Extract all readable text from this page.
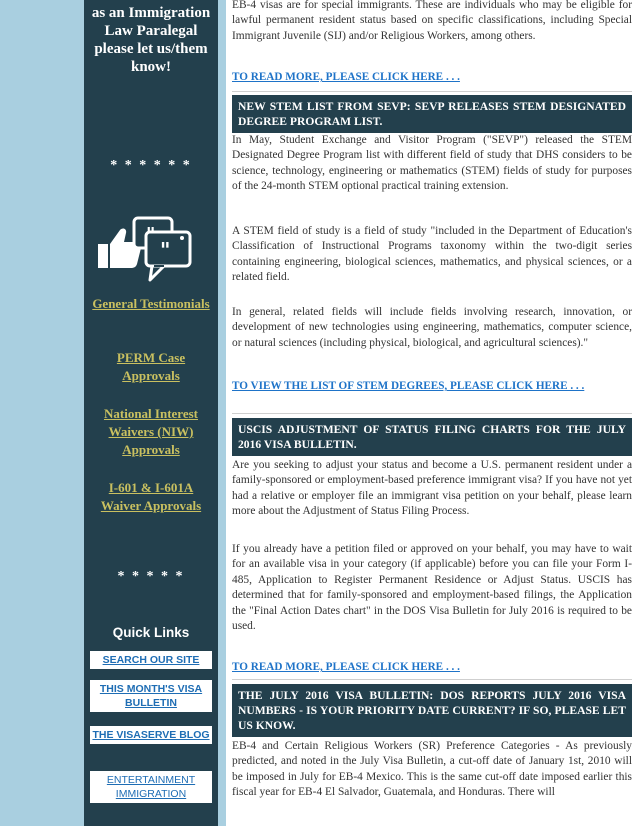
as an Immigration Law Paralegal please let us/them know!
* * * * * *
"
General Testimonials
PERM Case Approvals
National Interest Waivers (NIW) Approvals
I-601 & I-601A Waiver Approvals
* * * * *
Quick Links
SEARCH OUR SITE
THIS MONTH'S VISA BULLETIN
THE VISASERVE BLOG
ENTERTAINMENT IMMIGRATION

EB-4 visas are for special immigrants. These are individuals who may be eligible for lawful permanent resident status based on specific classifications, including Special Immigrant Juvenile (SIJ) and/or Religious Workers, among others.

TO READ MORE, PLEASE CLICK HERE . . .
NEW STEM LIST FROM SEVP: SEVP RELEASES STEM DESIGNATED DEGREE PROGRAM LIST.

In May, Student Exchange and Visitor Program ("SEVP") released the STEM Designated Degree Program list with different field of study that DHS considers to be science, technology, engineering or mathematics (STEM) fields of study for purposes of the 24-month STEM optional practical training extension.

A STEM field of study is a field of study "included in the Department of Education's Classification of Instructional Programs taxonomy within the two-digit series containing engineering, biological sciences, mathematics, and physical sciences, or a related field.

In general, related fields will include fields involving research, innovation, or development of new technologies using engineering, mathematics, computer science, or natural sciences (including physical, biological, and agricultural sciences)."

TO VIEW THE LIST OF STEM DEGREES, PLEASE CLICK HERE . . .
USCIS ADJUSTMENT OF STATUS FILING CHARTS FOR THE JULY 2016 VISA BULLETIN.

Are you seeking to adjust your status and become a U.S. permanent resident under a family-sponsored or employment-based preference immigrant visa? If you have not yet had a relative or employer file an immigrant visa petition on your behalf, please learn more about the Adjustment of Status Filing Process.

If you already have a petition filed or approved on your behalf, you may have to wait for an available visa in your category (if applicable) before you can file your Form I-485, Application to Register Permanent Residence or Adjust Status. USCIS has determined that for family-sponsored and employment-based filings, the Application the "Final Action Dates chart" in the DOS Visa Bulletin for July 2016 is required to be used.

TO READ MORE, PLEASE CLICK HERE . . .
THE JULY 2016 VISA BULLETIN: DOS REPORTS JULY 2016 VISA NUMBERS - IS YOUR PRIORITY DATE CURRENT? IF SO, PLEASE LET US KNOW.

EB-4 and Certain Religious Workers (SR) Preference Categories - As previously predicted, and noted in the July Visa Bulletin, a cut-off date of January 1st, 2010 will be imposed in July for EB-4 Mexico. This is the same cut-off date imposed earlier this fiscal year for EB-4 El Salvador, Guatemala, and Honduras. There will
